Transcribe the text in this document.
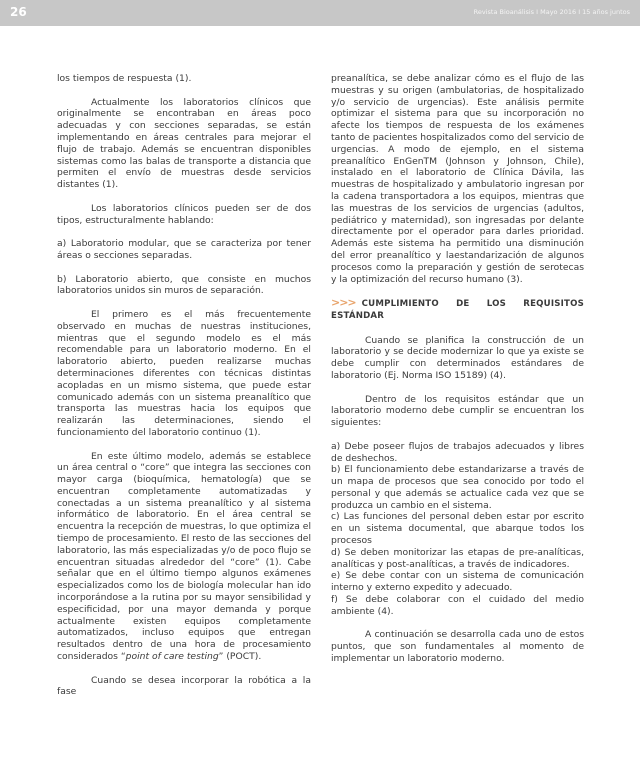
26	Revista Bioanálisis I Mayo 2016 I 15 años juntos

los tiempos de respuesta (1).

Actualmente los laboratorios clínicos que originalmente se encontraban en áreas poco adecuadas y con secciones separadas, se están implementando en áreas centrales para mejorar el flujo de trabajo. Además se encuentran disponibles sistemas como las balas de transporte a distancia que permiten el envío de muestras desde servicios distantes (1).

Los laboratorios clínicos pueden ser de dos tipos, estructuralmente hablando:

a) Laboratorio modular, que se caracteriza por tener áreas o secciones separadas.

b) Laboratorio abierto, que consiste en muchos laboratorios unidos sin muros de separación.

El primero es el más frecuentemente observado en muchas de nuestras instituciones, mientras que el segundo modelo es el más recomendable para un laboratorio moderno. En el laboratorio abierto, pueden realizarse muchas determinaciones diferentes con técnicas distintas acopladas en un mismo sistema, que puede estar comunicado además con un sistema preanalítico que transporta las muestras hacia los equipos que realizarán las determinaciones, siendo el funcionamiento del laboratorio continuo (1).

En este último modelo, además se establece un área central o “core” que integra las secciones con mayor carga (bioquímica, hematología) que se encuentran completamente automatizadas y conectadas a un sistema preanalítico y al sistema informático de laboratorio. En el área central se encuentra la recepción de muestras, lo que optimiza el tiempo de procesamiento. El resto de las secciones del laboratorio, las más especializadas y/o de poco flujo se encuentran situadas alrededor del “core” (1). Cabe señalar que en el último tiempo algunos exámenes especializados como los de biología molecular han ido incorporándose a la rutina por su mayor sensibilidad y especificidad, por una mayor demanda y porque actualmente existen equipos completamente automatizados, incluso equipos que entregan resultados dentro de una hora de procesamiento considerados “point of care testing” (POCT).

Cuando se desea incorporar la robótica a la fase

preanalítica, se debe analizar cómo es el flujo de las muestras y su origen (ambulatorias, de hospitalizado y/o servicio de urgencias). Este análisis permite optimizar el sistema para que su incorporación no afecte los tiempos de respuesta de los exámenes tanto de pacientes hospitalizados como del servicio de urgencias. A modo de ejemplo, en el sistema preanalítico EnGenTM (Johnson y Johnson, Chile), instalado en el laboratorio de Clínica Dávila, las muestras de hospitalizado y ambulatorio ingresan por la cadena transportadora a los equipos, mientras que las muestras de los servicios de urgencias (adultos, pediátrico y maternidad), son ingresadas por delante directamente por el operador para darles prioridad. Además este sistema ha permitido una disminución del error preanalítico y laestandarización de algunos procesos como la preparación y gestión de serotecas y la optimización del recurso humano (3).

>>> CUMPLIMIENTO DE LOS REQUISITOS ESTÁNDAR

Cuando se planifica la construcción de un laboratorio y se decide modernizar lo que ya existe se debe cumplir con determinados estándares de laboratorio (Ej. Norma ISO 15189) (4).

Dentro de los requisitos estándar que un laboratorio moderno debe cumplir se encuentran los siguientes:

a) Debe poseer flujos de trabajos adecuados y libres de deshechos.

b) El funcionamiento debe estandarizarse a través de un mapa de procesos que sea conocido por todo el personal y que además se actualice cada vez que se produzca un cambio en el sistema.

c) Las funciones del personal deben estar por escrito en un sistema documental, que abarque todos los procesos

d) Se deben monitorizar las etapas de pre-analíticas, analíticas y post-analíticas, a través de indicadores.

e) Se debe contar con un sistema de comunicación interno y externo expedito y adecuado.

f) Se debe colaborar con el cuidado del medio ambiente (4).

A continuación se desarrolla cada uno de estos puntos, que son fundamentales al momento de implementar un laboratorio moderno.
